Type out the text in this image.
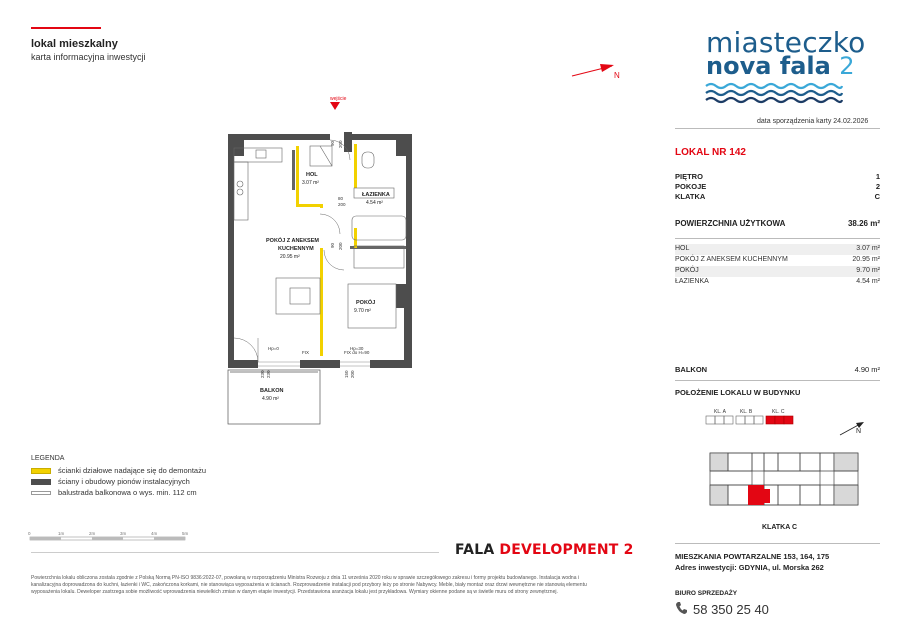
lokal mieszkalny
karta informacyjna inwestycji
N
miasteczko
nova fala 2
data sporządzenia karty 24.02.2026
LOKAL NR 142
PIĘTRO	1
POKOJE	2
KLATKA	C
POWIERZCHNIA UŻYTKOWA	38.26 m²
HOL	3.07 m²
POKÓJ Z ANEKSEM KUCHENNYM	20.95 m²
POKÓJ	9.70 m²
ŁAZIENKA	4.54 m²
BALKON	4.90 m²
POŁOŻENIE LOKALU W BUDYNKU
KL. A	KL. B	KL. C
N
KLATKA C
MIESZKANIA POWTARZALNE 153, 164, 175
Adres inwestycji: GDYNIA, ul. Morska 262
BIURO SPRZEDAŻY
58 350 25 40
wejście
HOL
3.07 m²
ŁAZIENKA
4.54 m²
POKÓJ Z ANEKSEM
KUCHENNYM
20.95 m²
POKÓJ
9.70 m²
BALKON
4.90 m²
90 200
80
200
90 200
Hp=0	Hp=30
FIX	FIX do H=90
230 230	150 200
LEGENDA
ścianki działowe nadające się do demontażu
ściany i obudowy pionów instalacyjnych
balustrada balkonowa o wys. min. 112 cm
0	1m	2m	3m	4m	5m
FALA DEVELOPMENT 2
Powierzchnia lokalu obliczona zostala zgodnie z Polską Normą PN-ISO 9836:2022-07, powołaną w rozporządzeniu Ministra Rozwoju z dnia 11 września 2020 roku w sprawie szczegółowego zakresu i formy projektu budowlanego. Instalacja wodna i kanalizacyjna doprowadzona do kuchni, łazienki i WC, zakończona korkami, nie stanowiąca wyposażenia w ścianach. Rozprowadzenie instalacji pod przybory leży po stronie Nabywcy. Meble, biały montaż oraz drzwi wewnętrzne nie stanowią elementu wyposażenia lokalu. Deweloper zastrzega sobie możliwość wprowadzenia niewielkich zmian w danym etapie inwestycji. Przedstawiona aranżacja lokalu jest przykładowa. Wymiary okienne podane są w świetle muru od strony zewnętrznej.
